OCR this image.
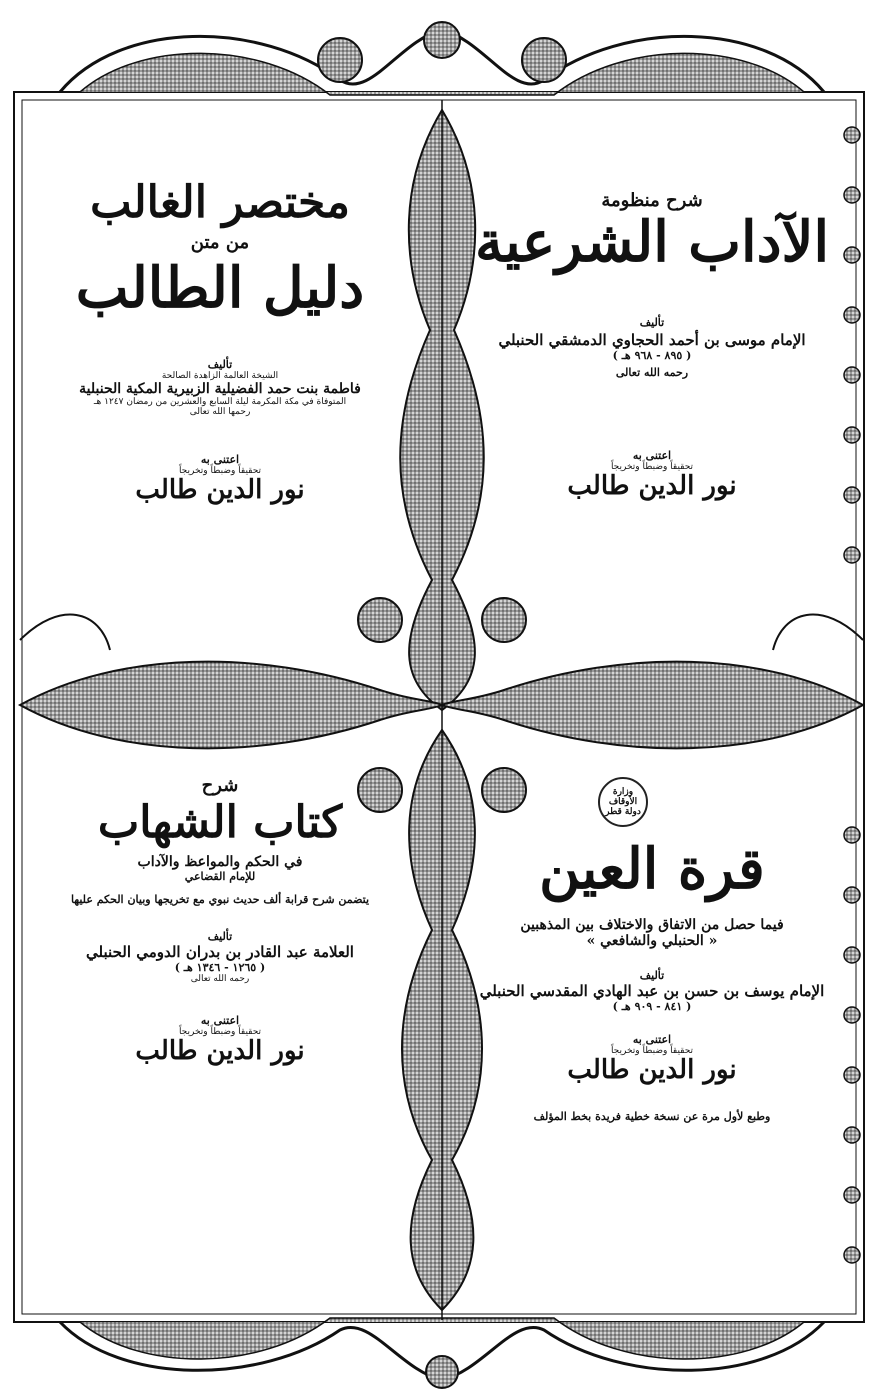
شرح منظومة
الآداب الشرعية
تأليف
الإمام موسى بن أحمد الحجاوي الدمشقي الحنبلي
( ٨٩٥ - ٩٦٨ هـ )
رحمه الله تعالى
اعتنى به
تحقيقاً وضبطاً وتخريجاً
نور الدين طالب
مختصر الغالب
من متن
دليل الطالب
تأليف
الشيخة العالمة الزاهدة الصالحة
فاطمة بنت حمد الفضيلية الزبيرية المكية الحنبلية
المتوفاة في مكة المكرمة ليلة السابع والعشرين من رمضان ١٢٤٧ هـ
رحمها الله تعالى
اعتنى به
تحقيقاً وضبطاً وتخريجاً
نور الدين طالب
وزارة الأوقاف دولة قطر
قرة العين
فيما حصل من الاتفاق والاختلاف بين المذهبين
« الحنبلي والشافعي »
تأليف
الإمام يوسف بن حسن بن عبد الهادي المقدسي الحنبلي
( ٨٤١ - ٩٠٩ هـ )
اعتنى به
تحقيقاً وضبطاً وتخريجاً
نور الدين طالب
وطبع لأول مرة عن نسخة خطية فريدة بخط المؤلف
شرح
كتاب الشهاب
في الحكم والمواعظ والآداب
للإمام القضاعي
يتضمن شرح قرابة ألف حديث نبوي مع تخريجها وبيان الحكم عليها
تأليف
العلامة عبد القادر بن بدران الدومي الحنبلي
( ١٢٦٥ - ١٣٤٦ هـ )
رحمه الله تعالى
اعتنى به
تحقيقاً وضبطاً وتخريجاً
نور الدين طالب
